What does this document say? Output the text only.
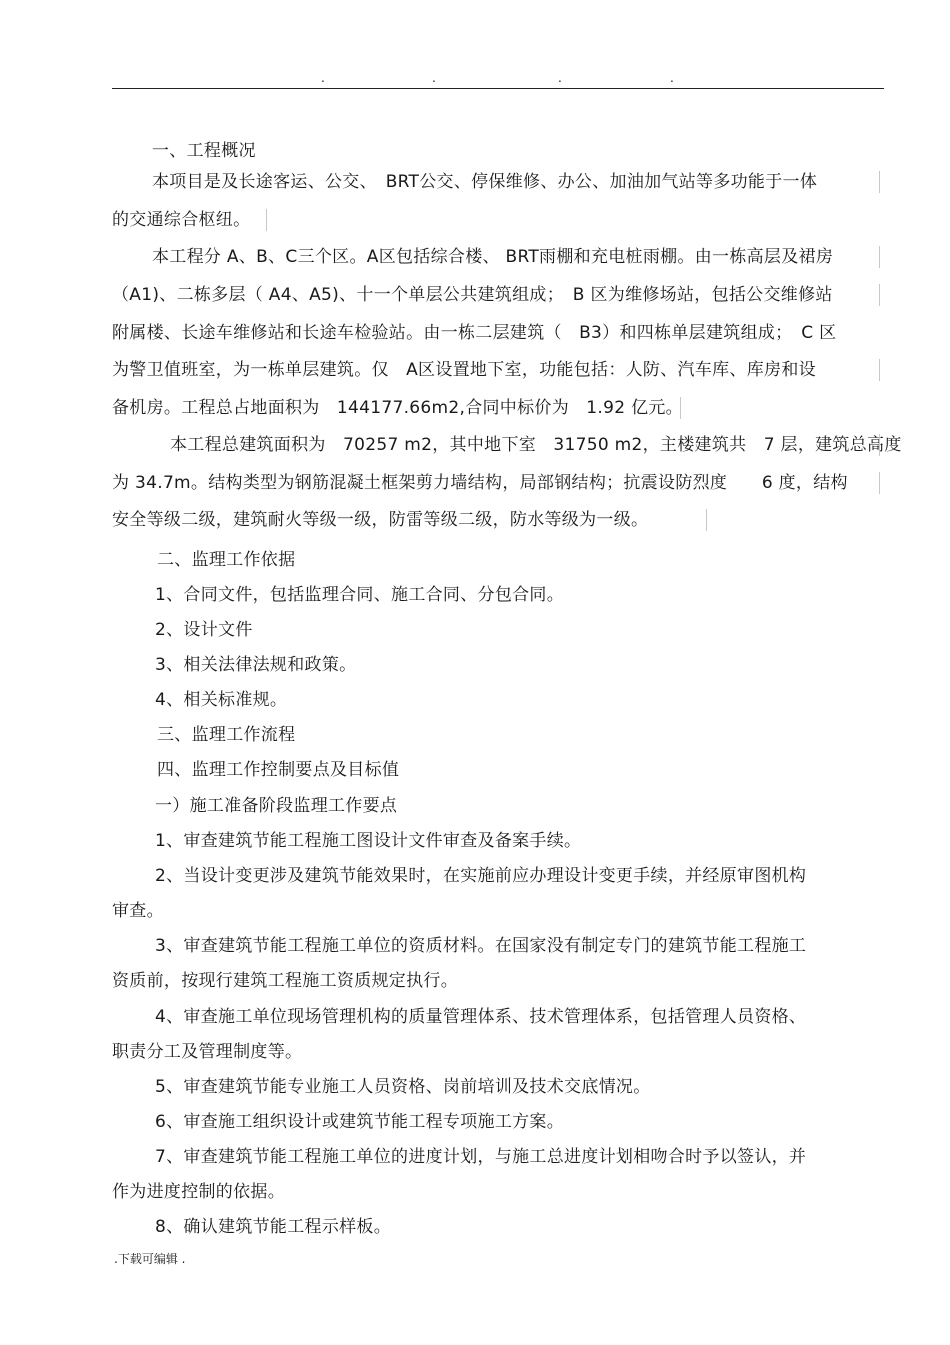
.	.	.	.
一、工程概况
本项目是及长途客运、公交、　BRT公交、停保维修、办公、加油加气站等多功能于一体
的交通综合枢纽。
本工程分 A、B、C三个区。A区包括综合楼、 BRT雨棚和充电桩雨棚。由一栋高层及裙房
（A1)、二栋多层（ A4、A5)、十一个单层公共建筑组成；　B 区为维修场站，包括公交维修站
附属楼、长途车维修站和长途车检验站。由一栋二层建筑（　B3）和四栋单层建筑组成；　C 区
为警卫值班室，为一栋单层建筑。仅　A区设置地下室，功能包括：人防、汽车库、库房和设
备机房。工程总占地面积为　144177.66m2,合同中标价为　1.92 亿元。
本工程总建筑面积为　70257 m2，其中地下室　31750 m2，主楼建筑共　7 层，建筑总高度
为 34.7m。结构类型为钢筋混凝土框架剪力墙结构，局部钢结构；抗震设防烈度　　6 度，结构
安全等级二级，建筑耐火等级一级，防雷等级二级，防水等级为一级。
二、监理工作依据
1、合同文件，包括监理合同、施工合同、分包合同。
2、设计文件
3、相关法律法规和政策。
4、相关标准规。
三、监理工作流程
四、监理工作控制要点及目标值
一）施工准备阶段监理工作要点
1、审查建筑节能工程施工图设计文件审查及备案手续。
2、当设计变更涉及建筑节能效果时，在实施前应办理设计变更手续，并经原审图机构
审查。
3、审查建筑节能工程施工单位的资质材料。在国家没有制定专门的建筑节能工程施工
资质前，按现行建筑工程施工资质规定执行。
4、审查施工单位现场管理机构的质量管理体系、技术管理体系，包括管理人员资格、
职责分工及管理制度等。
5、审查建筑节能专业施工人员资格、岗前培训及技术交底情况。
6、审查施工组织设计或建筑节能工程专项施工方案。
7、审查建筑节能工程施工单位的进度计划，与施工总进度计划相吻合时予以签认，并
作为进度控制的依据。
8、确认建筑节能工程示样板。
.下载可编辑 .
